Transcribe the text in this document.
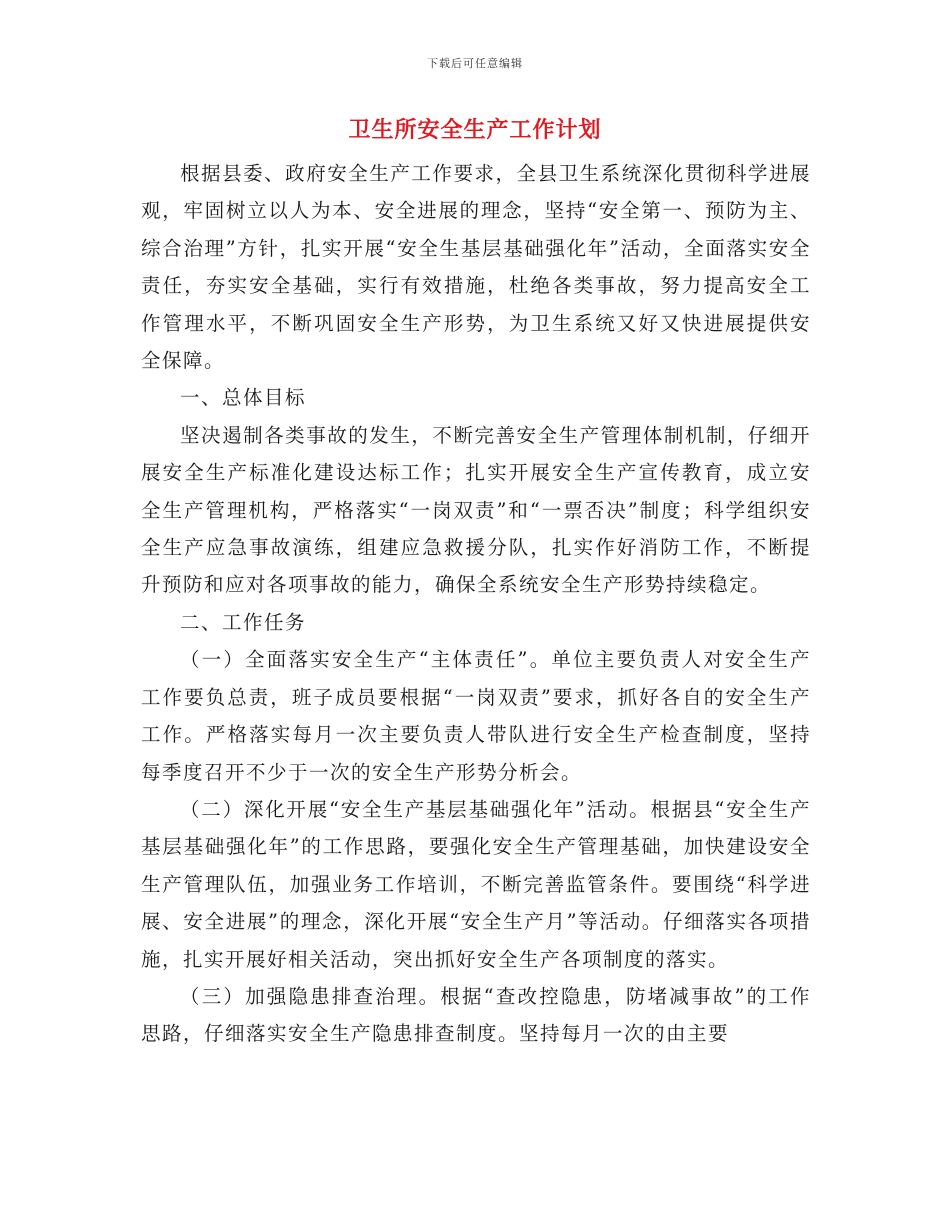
下载后可任意编辑
卫生所安全生产工作计划

根据县委、政府安全生产工作要求，全县卫生系统深化贯彻科学进展观，牢固树立以人为本、安全进展的理念，坚持“安全第一、预防为主、综合治理”方针，扎实开展“安全生基层基础强化年”活动，全面落实安全责任，夯实安全基础，实行有效措施，杜绝各类事故，努力提高安全工作管理水平，不断巩固安全生产形势，为卫生系统又好又快进展提供安全保障。

一、总体目标

坚决遏制各类事故的发生，不断完善安全生产管理体制机制，仔细开展安全生产标准化建设达标工作；扎实开展安全生产宣传教育，成立安全生产管理机构，严格落实“一岗双责”和“一票否决”制度；科学组织安全生产应急事故演练，组建应急救援分队，扎实作好消防工作，不断提升预防和应对各项事故的能力，确保全系统安全生产形势持续稳定。

二、工作任务

（一）全面落实安全生产“主体责任”。单位主要负责人对安全生产工作要负总责，班子成员要根据“一岗双责”要求，抓好各自的安全生产工作。严格落实每月一次主要负责人带队进行安全生产检查制度，坚持每季度召开不少于一次的安全生产形势分析会。

（二）深化开展“安全生产基层基础强化年”活动。根据县“安全生产基层基础强化年”的工作思路，要强化安全生产管理基础，加快建设安全生产管理队伍，加强业务工作培训，不断完善监管条件。要围绕“科学进展、安全进展”的理念，深化开展“安全生产月”等活动。仔细落实各项措施，扎实开展好相关活动，突出抓好安全生产各项制度的落实。

（三）加强隐患排查治理。根据“查改控隐患，防堵减事故”的工作思路，仔细落实安全生产隐患排查制度。坚持每月一次的由主要
